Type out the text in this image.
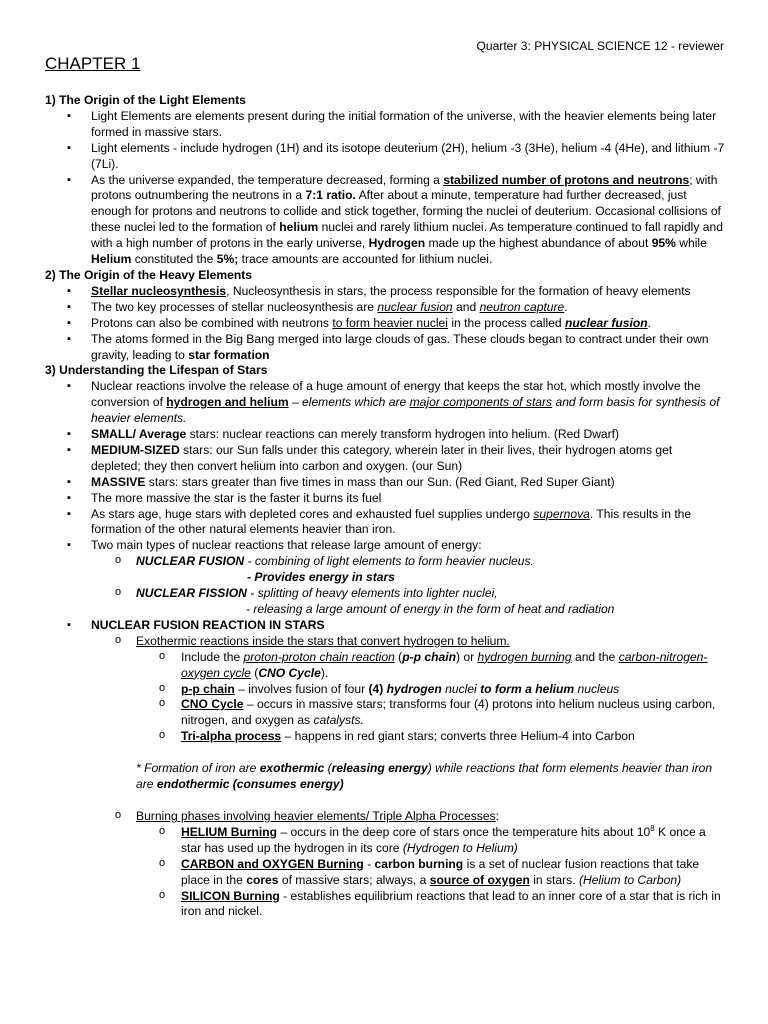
Quarter 3: PHYSICAL SCIENCE 12 - reviewer
CHAPTER 1
1) The Origin of the Light Elements
▪ Light Elements are elements present during the initial formation of the universe, with the heavier elements being later formed in massive stars.
▪ Light elements - include hydrogen (1H) and its isotope deuterium (2H), helium -3 (3He), helium -4 (4He), and lithium -7 (7Li).
▪ As the universe expanded, the temperature decreased, forming a stabilized number of protons and neutrons; with protons outnumbering the neutrons in a 7:1 ratio. After about a minute, temperature had further decreased, just enough for protons and neutrons to collide and stick together, forming the nuclei of deuterium. Occasional collisions of these nuclei led to the formation of helium nuclei and rarely lithium nuclei. As temperature continued to fall rapidly and with a high number of protons in the early universe, Hydrogen made up the highest abundance of about 95% while Helium constituted the 5%; trace amounts are accounted for lithium nuclei.
2) The Origin of the Heavy Elements
▪ Stellar nucleosynthesis, Nucleosynthesis in stars, the process responsible for the formation of heavy elements
▪ The two key processes of stellar nucleosynthesis are nuclear fusion and neutron capture.
▪ Protons can also be combined with neutrons to form heavier nuclei in the process called nuclear fusion.
▪ The atoms formed in the Big Bang merged into large clouds of gas. These clouds began to contract under their own gravity, leading to star formation
3) Understanding the Lifespan of Stars
▪ Nuclear reactions involve the release of a huge amount of energy that keeps the star hot, which mostly involve the conversion of hydrogen and helium – elements which are major components of stars and form basis for synthesis of heavier elements.
▪ SMALL/ Average stars: nuclear reactions can merely transform hydrogen into helium. (Red Dwarf)
▪ MEDIUM-SIZED stars: our Sun falls under this category, wherein later in their lives, their hydrogen atoms get depleted; they then convert helium into carbon and oxygen. (our Sun)
▪ MASSIVE stars: stars greater than five times in mass than our Sun. (Red Giant, Red Super Giant)
▪ The more massive the star is the faster it burns its fuel
▪ As stars age, huge stars with depleted cores and exhausted fuel supplies undergo supernova. This results in the formation of the other natural elements heavier than iron.
▪ Two main types of nuclear reactions that release large amount of energy:
o NUCLEAR FUSION - combining of light elements to form heavier nucleus.
- Provides energy in stars
o NUCLEAR FISSION - splitting of heavy elements into lighter nuclei,
- releasing a large amount of energy in the form of heat and radiation
▪ NUCLEAR FUSION REACTION IN STARS
o Exothermic reactions inside the stars that convert hydrogen to helium.
o Include the proton-proton chain reaction (p-p chain) or hydrogen burning and the carbon-nitrogen-oxygen cycle (CNO Cycle).
o p-p chain – involves fusion of four (4) hydrogen nuclei to form a helium nucleus
o CNO Cycle – occurs in massive stars; transforms four (4) protons into helium nucleus using carbon, nitrogen, and oxygen as catalysts.
o Tri-alpha process – happens in red giant stars; converts three Helium-4 into Carbon
* Formation of iron are exothermic (releasing energy) while reactions that form elements heavier than iron are endothermic (consumes energy)
o Burning phases involving heavier elements/ Triple Alpha Processes:
o HELIUM Burning – occurs in the deep core of stars once the temperature hits about $10^8$ K once a star has used up the hydrogen in its core (Hydrogen to Helium)
o CARBON and OXYGEN Burning - carbon burning is a set of nuclear fusion reactions that take place in the cores of massive stars; always, a source of oxygen in stars. (Helium to Carbon)
o SILICON Burning - establishes equilibrium reactions that lead to an inner core of a star that is rich in iron and nickel.
